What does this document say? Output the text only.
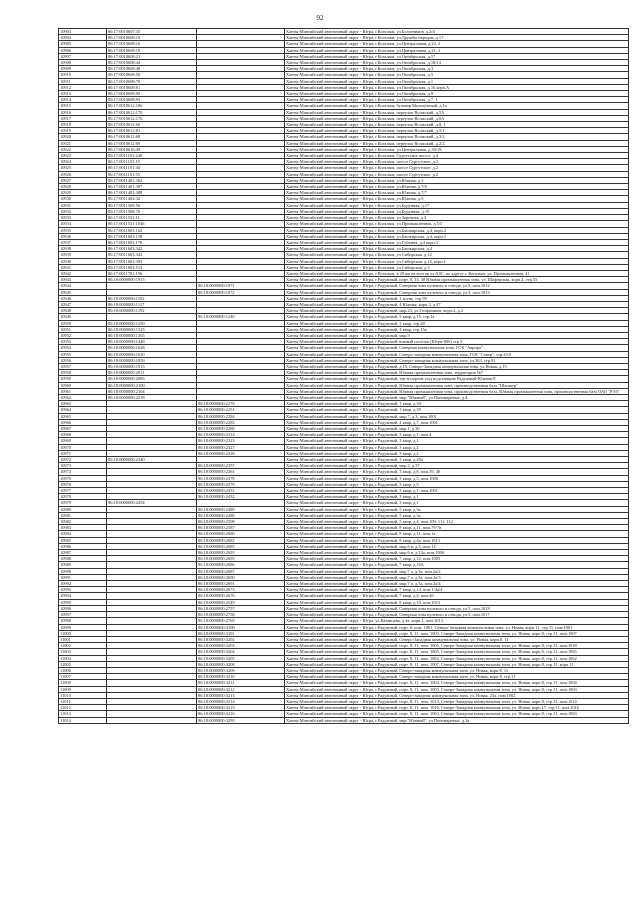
92
10903	86:17:0010607:35		Ханты-Мансийский автономный округ - Югра, г.Когалым, ул.Болотников, д.2/4
10904	86:17:0010608:10		Ханты-Мансийский автономный округ - Югра, г.Когалым, ул.Дружбы народов, д.17
10905	86:17:0010608:16		Ханты-Мансийский автономный округ - Югра, г.Когалым, ул.Центральная, д.22, 2
10906	86:17:0010608:18		Ханты-Мансийский автономный округ - Югра, г.Когалым, ул.Центральная, д.21, 2
10907	86:17:0010608:21		Ханты-Мансийский автономный округ - Югра, г.Когалым, ул.Октябрьская, д.17
10908	86:17:0010608:44		Ханты-Мансийский автономный округ - Югра, г.Когалым, ул.Октябрьская, д.18/14
10909	86:17:0010608:48		Ханты-Мансийский автономный округ - Югра, г.Когалым, ул.Октябрьская, д.3
10910	86:17:0010608:50		Ханты-Мансийский автономный округ - Югра, г.Когалым, ул.Октябрьская, д.5
10911	86:17:0010608:70		Ханты-Мансийский автономный округ - Югра, г.Когалым, ул.Октябрьская, д.1
10912	86:17:0010608:81		Ханты-Мансийский автономный округ - Югра, г.Когалым, ул.Октябрьская, д.16 корп.А
10913	86:17:0010608:90		Ханты-Мансийский автономный округ - Югра, г.Когалым, ул.Октябрьская, д.9
10914	86:17:0010608:93		Ханты-Мансийский автономный округ - Югра, г.Когалым, ул.Октябрьская, д.7, 1
10915	86:17:0010612:186		Ханты-Мансийский автономный округ - Югра, г.Когалым, бульвар Молодёжный, д.1а
10916	86:17:0010612:170		Ханты-Мансийский автономный округ - Югра, г.Когалым, переулок Волжский, д.5А
10917	86:17:0010612:176		Ханты-Мансийский автономный округ - Югра, г.Когалым, переулок Волжский, д.8А
10918	86:17:0010612:60		Ханты-Мансийский автономный округ - Югра, г.Когалым, переулок Волжский, д.8, 1
10919	86:17:0010612:81		Ханты-Мансийский автономный округ - Югра, г.Когалым, переулок Волжский, д.5/1
10920	86:17:0010612:68		Ханты-Мансийский автономный округ - Югра, г.Когалым, переулок Волжский, д.3/2
10921	86:17:0010612:69		Ханты-Мансийский автономный округ - Югра, г.Когалым, переулок Волжский, д.2/2
10922	86:17:0010616:49		Ханты-Мансийский автономный округ - Югра, г.Когалым, ул.Центральная, д.30/19
10923	86:17:0011101:248		Ханты-Мансийский автономный округ - Югра, г.Когалым, Сургутское шоссе, д.4
10924	86:17:0011101:19		Ханты-Мансийский автономный округ - Югра, г.Когалым, шоссе Сургутское, д.2
10925	86:17:0011101:30		Ханты-Мансийский автономный округ - Югра, г.Когалым, шоссе Сургутское, д.2
10926	86:17:0011101:55		Ханты-Мансийский автономный округ - Югра, г.Когалым, шоссе Сургутское, д.2
10927	86:17:0011401:362		Ханты-Мансийский автономный округ - Югра, г.Когалым, ул.Южная, д.3
10928	86:17:0011401:387		Ханты-Мансийский автономный округ - Югра, г.Когалым, ул.Южная, д.7/6
10929	86:17:0011401:388		Ханты-Мансийский автономный округ - Югра, г.Когалым, ул.Южная, д.7/7
10930	86:17:0011402:32		Ханты-Мансийский автономный округ - Югра, г.Когалым, ул.Южная, д.9
10931	86:17:0011508:56		Ханты-Мансийский автономный округ - Югра, г.Когалым, ул.Бурунная, д.17
10932	86:17:0011508:70		Ханты-Мансийский автономный округ - Югра, г.Когалым, ул.Бурунная, д.19
10933	86:17:0011531:11		Ханты-Мансийский автономный округ - Югра, г.Когалым, ул.Заречная, д.3
10934	86:17:0011531:1046		Ханты-Мансийский автономный округ - Югра, г.Когалым, ул.Промышленная, д.5/5
10935	86:17:0011603:162		Ханты-Мансийский автономный округ - Югра, г.Когалым, ул.Башкирская, д.4, корп.2
10936	86:17:0011603:158		Ханты-Мансийский автономный округ - Югра, г.Когалым, ул.Башкирская, д.4, корп.1
10937	86:17:0011603:178		Ханты-Мансийский автономный округ - Югра, г.Когалым, ул.Губкина, д.4 корп.1
10938	86:17:0011603:342		Ханты-Мансийский автономный округ - Югра, г.Когалым, ул.Башкирская, д.4
10939	86:17:0011603:343		Ханты-Мансийский автономный округ - Югра, г.Когалым, ул.Сибирская, д.12
10940	86:17:0011603:393		Ханты-Мансийский автономный округ - Югра, г.Когалым, ул.Сибирская, д.14, корп.1
10941	86:17:0011603:513		Ханты-Мансийский автономный округ - Югра, г.Когалым, ул.Сибирская, д.3
10942	86:17:0011701:156		Ханты-Мансийский автономный округ - Югра, г.Когалым, в 20 км на восток от АЗС, по адресу г. Когалым, ул. Промышленная, 41
10943	86:18:0000000:1915		Ханты-Мансийский автономный округ - Югра, г.Радужный, порт. 8, ЗЗ, 30 Южная промышленная зона, ул. Шоферская, корп.4, стр.55
10944		86:18:0000000:1071	Ханты-Мансийский автономный округ - Югра, г.Радужный, Северная зона нулевого и отвода, ул.5, пом.1012
10945		86:18:0000000:1072	Ханты-Мансийский автономный округ - Югра, г.Радужный, Северная зона нулевого и отвода, ул.5, пом.1013
10946	86:18:0000000:1102		Ханты-Мансийский автономный округ - Югра, г.Радужный, 1 ясень, стр.59
10947	86:18:0000000:1117		Ханты-Мансийский автономный округ - Югра, г.Радужный, 4 Южная, корп.3, д.47
10948	86:18:0000000:1192		Ханты-Мансийский автономный округ - Югра, г.Радужный, мкр.23, ул.Геофизиков, корп.2, д.2
10949		86:18:0000000:1240	Ханты-Мансийский автономный округ - Югра, г.Радужный, 5 квар, д.15, стр.1а
10950	86:18:0000000:1250		Ханты-Мансийский автономный округ - Югра, г.Радужный, 2 квар, стр.28
10951	86:18:0000000:1325		Ханты-Мансийский автономный округ - Югра, г.Радужный, 4 квар, стр.15а
10952	86:18:0000000:1365		Ханты-Мансийский автономный округ - Югра, г.Радужный, мкр.9
10953	86:18:0000000:1448		Ханты-Мансийский автономный округ - Югра, г.Радужный, южный посёлок (Югра-006) стр.5
10954	86:18:0000000:1628		Ханты-Мансийский автономный округ - Югра, г.Радужный, Северная коммунальная зона, ГСК "Аврора"
10955	86:18:0000000:1630		Ханты-Мансийский автономный округ - Югра, г.Радужный, Северо-западная коммунальная зона, ГСК "Север", стр.4/10
10956	86:18:0000000:1859		Ханты-Мансийский автономный округ - Югра, г.Радужный, Северо-западная коммунальная зона, ул.363, стр.91
10957	86:18:0000000:1913		Ханты-Мансийский автономный округ - Югра, г.Радужный, д.15, Северо-Западная коммунальная зона, ул.Новая, д.15
10958	86:18:0000000:2011		Ханты-Мансийский автономный округ - Югра, г.Радужный, Южная промышленная зона, территория №7
10959	86:18:0000000:2083		Ханты-Мансийский автономный округ - Югра, г.Радужный, тер-н.портов, под подстанцию Радужный-Южная-8
10960	86:18:0000000:2100		Ханты-Мансийский автономный округ - Югра, г.Радужный, Южная промышленная зона, производственная база "Шапшер"
10961	86:18:0000000:2104		Ханты-Мансийский автономный округ - Югра, г.Радужный, Южная промышленная зона, производственная база, Южная промышленная зона, производственная база ОАО "РЭЗ"
10962	86:18:0000000:2218		Ханты-Мансийский автономный округ - Югра, г.Радужный, мкр."Южный", ул.Пономаревых, д.4
10963		86:18:0000000:2278	Ханты-Мансийский автономный округ - Югра, г.Радужный, 1 квар, д.30
10964		86:18:0000000:2251	Ханты-Мансийский автономный округ - Югра, г.Радужный, 1 квар, д.39
10965		86:18:0000000:2284	Ханты-Мансийский автономный округ - Югра, г.Радужный, мкр.7, д.3, пом.1001
10966		86:18:0000000:2285	Ханты-Мансийский автономный округ - Югра, г.Радужный, 4 квар, д.7, пом.1001
10967		86:18:0000000:2288	Ханты-Мансийский автономный округ - Югра, г.Радужный, мкр.1, д.30
10968		86:18:0000000:2314	Ханты-Мансийский автономный округ - Югра, г.Радужный, 3 квар, д.1, пом.4
10969		86:18:0000000:2323	Ханты-Мансийский автономный округ - Югра, г.Радужный, 3 квар, д.1
10970		86:18:0000000:2327	Ханты-Мансийский автономный округ - Югра, г.Радужный, 3 квар, д.2
10971		86:18:0000000:2328	Ханты-Мансийский автономный округ - Югра, г.Радужный, 3 квар, д.2
10972	86:18:0000000:2340		Ханты-Мансийский автономный округ - Югра, г.Радужный, 3 квар, д.28а
10973		86:18:0000000:2357	Ханты-Мансийский автономный округ - Югра, г.Радужный, мкр.2, д.37
10974		86:18:0000000:2361	Ханты-Мансийский автономный округ - Югра, г.Радужный, 3 квар, д.8, пом.39, 40
10975		86:18:0000000:2378	Ханты-Мансийский автономный округ - Югра, г.Радужный, 3 квар, д.5, пом.1006
10976		86:18:0000000:2379	Ханты-Мансийский автономный округ - Югра, г.Радужный, 3 квар, д.5
10977		86:18:0000000:2431	Ханты-Мансийский автономный округ - Югра, г.Радужный, 3 квар, д.1, пом.1001
10978		86:18:0000000:2432	Ханты-Мансийский автономный округ - Югра, г.Радужный, 3 квар, д.1
10979	86:18:0000000:2454		Ханты-Мансийский автономный округ - Югра, г.Радужный, 3 квар, д.1
10980		86:18:0000000:2489	Ханты-Мансийский автономный округ - Югра, г.Радужный, 5 квар, д.3а
10981		86:18:0000000:2488	Ханты-Мансийский автономный округ - Югра, г.Радужный, 5 квар, д.3а
10982		86:18:0000000:2508	Ханты-Мансийский автономный округ - Югра, г.Радужный, 5 квар, д.4, пом.109, 111, 112
10983		86:18:0000000:2587	Ханты-Мансийский автономный округ - Югра, г.Радужный, 8 квар, д.11, пом.7б-7в
10984		86:18:0000000:2680	Ханты-Мансийский автономный округ - Югра, г.Радужный, 8 квар, д.11, пом.1а
10985		86:18:0000000:2682	Ханты-Мансийский автономный округ - Югра, г.Радужный, 8 квар, д.4а, пом.1013
10986		86:18:0000000:2685	Ханты-Мансийский автономный округ - Югра, г.Радужный, мкр.6 в, д.3, пом.14
10987		86:18:0000000:2693	Ханты-Мансийский автономный округ - Югра, г.Радужный, мкр.6 в, д.14а, пом.1006
10988		86:18:0000000:2695	Ханты-Мансийский автономный округ - Югра, г.Радужный, 7 квар, д.12, пом.1005
10989		86:18:0000000:2686	Ханты-Мансийский автономный округ - Югра, г.Радужный, 7 квар, д.16А
10990		86:18:0000000:2687	Ханты-Мансийский автономный округ - Югра, г.Радужный, мкр.7 а, д.3а, пом.2а/2
10991		86:18:0000000:2690	Ханты-Мансийский автономный округ - Югра, г.Радужный, мкр.7 а, д.3а, пом.2а/3
10992		86:18:0000000:2691	Ханты-Мансийский автономный округ - Югра, г.Радужный, мкр.7 а, д.3а, пом.2а/4
10993		86:18:0000000:2673	Ханты-Мансийский автономный округ - Югра, г.Радужный, 7 квар, д.14, пом.1/4а/4
10994		86:18:0000000:2676	Ханты-Мансийский автономный округ - Югра, г.Радужный, 7 квар, д.4, пом.4б
10995		86:18:0000000:2549	Ханты-Мансийский автономный округ - Югра, г.Радужный, 8 квар, д.10, пом.1013
10996		86:18:0000000:2757	Ханты-Мансийский автономный округ - Югра, г.Радужный, Северная зона нулевого и отвода, ул.5, пом.1018
10997		86:18:0000000:2758	Ханты-Мансийский автономный округ - Югра, г.Радужный, Северная зона нулевого и отвода, ул.5, пом.1017
10998		86:18:0000000:2765	Ханты-Мансийский автономный округ - Югра, ул.Казанцева, д.4а, корп.1, пом.1013
10999		86:18:0000000:3100	Ханты-Мансийский автономный округ - Югра, г.Радужный, порт. 8, пом. 1001, Северо-Западная коммунальная зона, ул. Новая, корп.11, стр.11, пом.1001
11000		86:18:0000000:3101	Ханты-Мансийский автономный округ - Югра, г.Радужный, порт. 8, 11, пом. 1003, Северо-Западная коммунальная зона, ул. Новая, корп.8, стр.11, пом.1007
11001		86:18:0000000:3202	Ханты-Мансийский автономный округ - Югра, г.Радужный, Северо-Западная коммунальная зона, ул. Новая, корп.8, 11
11002		86:18:0000000:3203	Ханты-Мансийский автономный округ - Югра, г.Радужный, порт. 8, 11, пом. 1005, Северо-Западная коммунальная зона, ул. Новая, корп.8, стр.11, пом.1018
11003		86:18:0000000:3204	Ханты-Мансийский автономный округ - Югра, г.Радужный, порт. 8, 11, пом. 1065, Северо-Западная коммунальная зона, ул. Новая, корп.6, стр.11, пом.1065
11004		86:18:0000000:3205	Ханты-Мансийский автономный округ - Югра, г.Радужный, порт. 8, 11, пом. 1062, Северо-Западная коммунальная зона, ул. Новая, корп.8, стр.11, пом.1062
11005		86:18:0000000:3208	Ханты-Мансийский автономный округ - Югра, г.Радужный, порт. 8, 11, пом. 1007, Северо-Западная коммунальная зона, ул. Новая, корп.8, стр.11, корп.11
11006		86:18:0000000:3209	Ханты-Мансийский автономный округ - Югра, г.Радужный, Северо-западная коммунальная зона, ул. Новая, корп.8, 11
11007		86:18:0000000:3210	Ханты-Мансийский автономный округ - Югра, г.Радужный, Северо-западная коммунальная зона, ул. Новая, корп.8, стр.11
11008		86:18:0000000:3211	Ханты-Мансийский автономный округ - Югра, г.Радужный, порт. 8, 11, пом. 1004, Северо-Западная коммунальная зона, ул. Новая, корп.8, стр.11, пом.1004
11009		86:18:0000000:3212	Ханты-Мансийский автономный округ - Югра, г.Радужный, порт. 8, 11, пом. 1003, Северо-Западная коммунальная зона, ул. Новая, корп.8, стр.11, пом.1003
11010		86:18:0000000:3213	Ханты-Мансийский автономный округ - Югра, г.Радужный, Северо-западная коммунальная зона, ул. Новая, 23а, пом.1002
11011		86:18:0000000:3214	Ханты-Мансийский автономный округ - Югра, г.Радужный, порт. 8, 11, пом. 1014, Северо-Западная коммунальная зона, ул. Новая, корп.8, стр.11, пом.1014
11012		86:18:0000000:3215	Ханты-Мансийский автономный округ - Югра, г.Радужный, порт. 8, 11, пом. 1016, Северо-Западная коммунальная зона, ул. Новая, корп.17, стр.11, пом.1016
11013		86:18:0000000:3216	Ханты-Мансийский автономный округ - Югра, г.Радужный, порт. 8, 11, пом. 1063, Северо-Западная коммунальная зона, ул. Новая, корп.8, стр.11, пом.1063
11014		86:18:0000000:3295	Ханты-Мансийский автономный округ - Югра, г.Радужный, мкр."Южный", ул.Пономаревых, д.2а
